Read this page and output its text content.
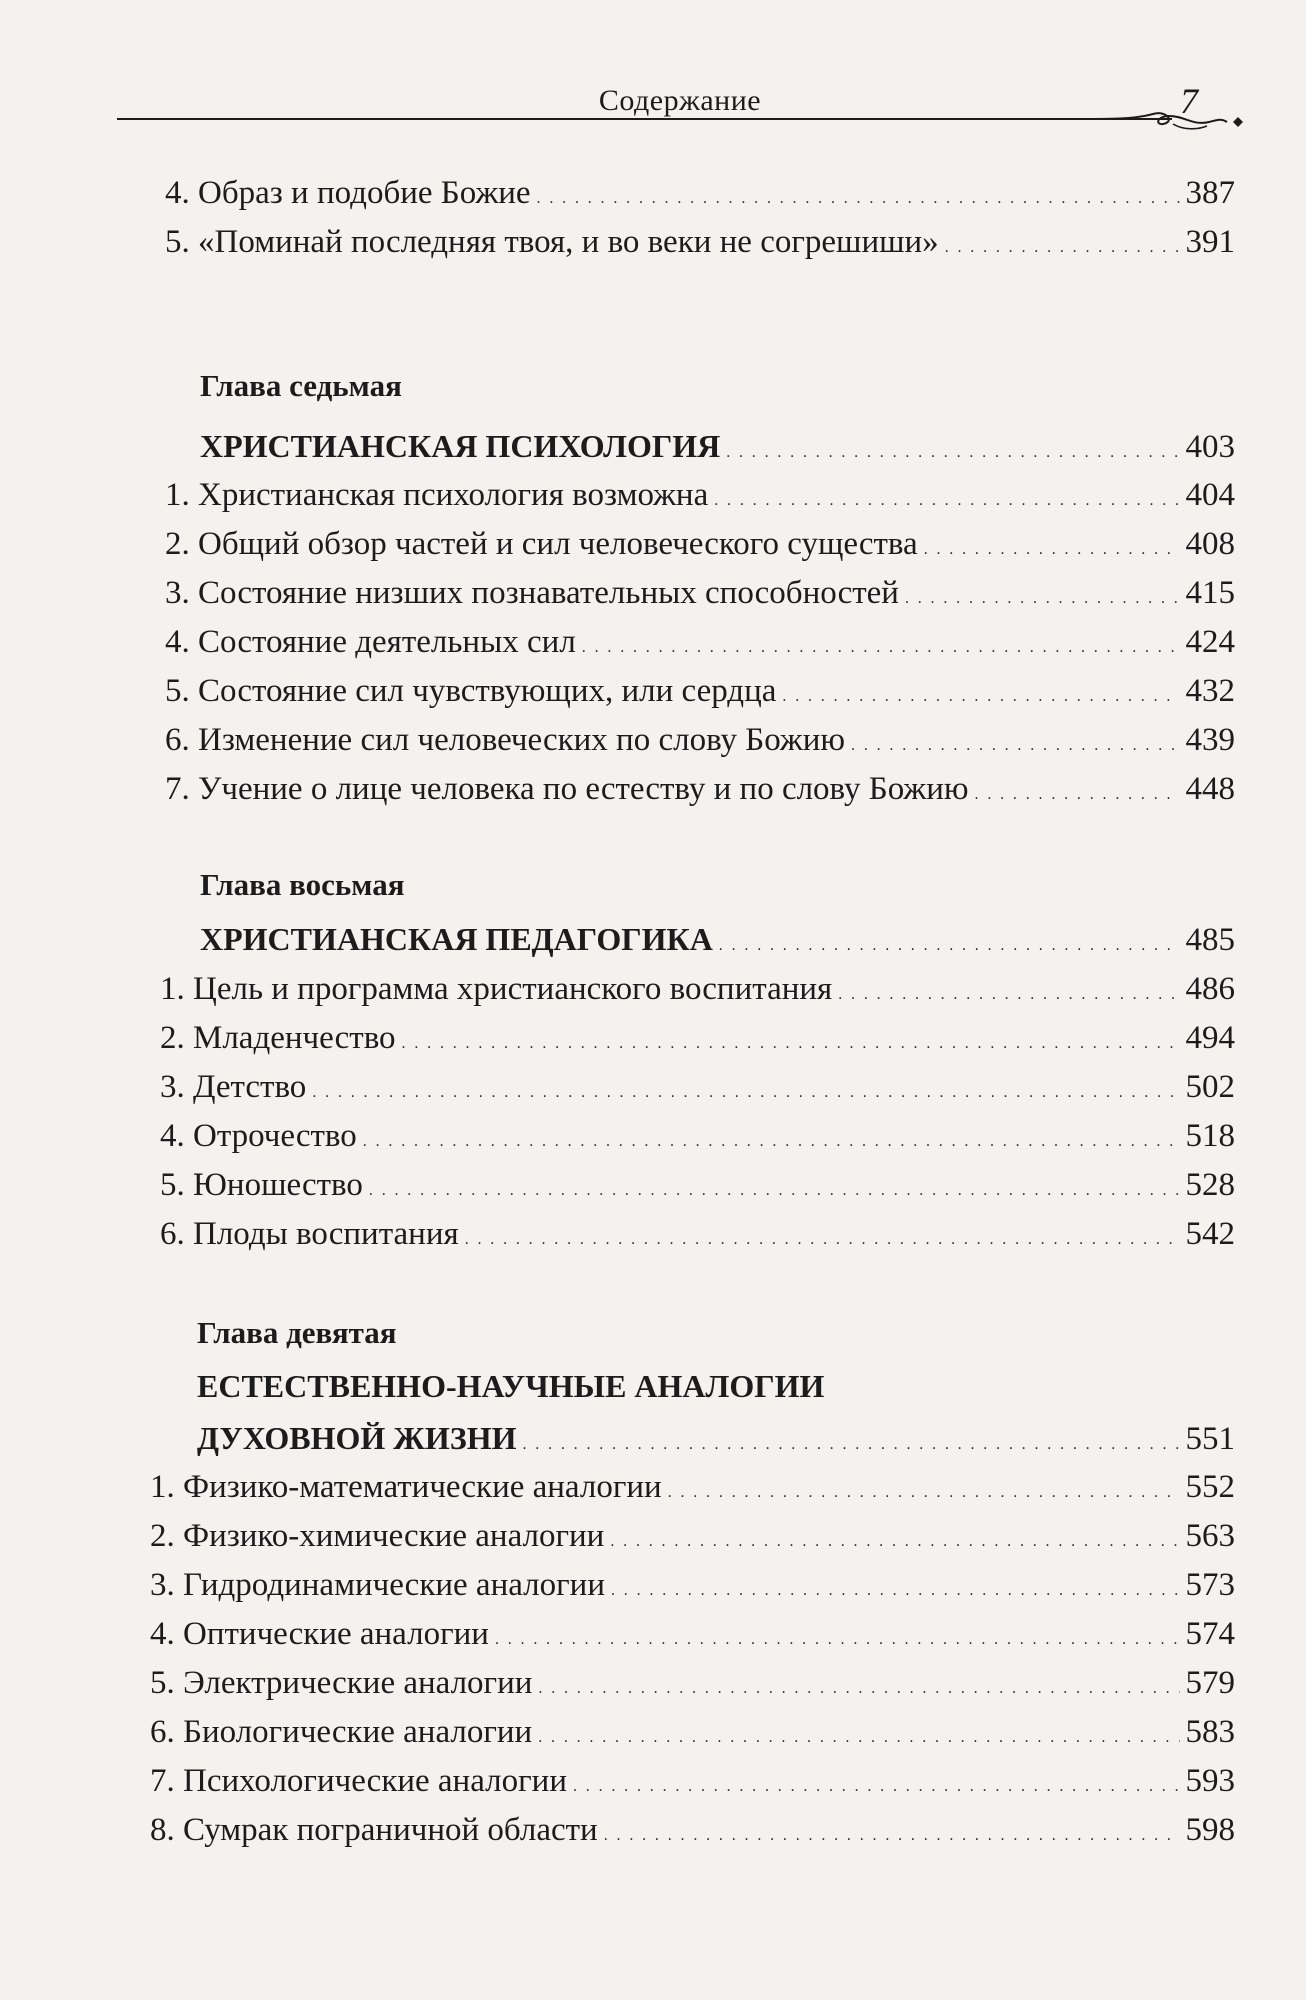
Содержание	7
4. Образ и подобие Божие . . .	387
5. «Поминай последняя твоя, и во веки не согрешиши» . . .	391
Глава седьмая
ХРИСТИАНСКАЯ ПСИХОЛОГИЯ . . .	403
1. Христианская психология возможна . . .	404
2. Общий обзор частей и сил человеческого существа . . .	408
3. Состояние низших познавательных способностей . . .	415
4. Состояние деятельных сил . . .	424
5. Состояние сил чувствующих, или сердца . . .	432
6. Изменение сил человеческих по слову Божию . . .	439
7. Учение о лице человека по естеству и по слову Божию . . .	448
Глава восьмая
ХРИСТИАНСКАЯ ПЕДАГОГИКА . . .	485
1. Цель и программа христианского воспитания . . .	486
2. Младенчество . . .	494
3. Детство . . .	502
4. Отрочество . . .	518
5. Юношество . . .	528
6. Плоды воспитания . . .	542
Глава девятая
ЕСТЕСТВЕННО-НАУЧНЫЕ АНАЛОГИИ
ДУХОВНОЙ ЖИЗНИ . . .	551
1. Физико-математические аналогии . . .	552
2. Физико-химические аналогии . . .	563
3. Гидродинамические аналогии . . .	573
4. Оптические аналогии . . .	574
5. Электрические аналогии . . .	579
6. Биологические аналогии . . .	583
7. Психологические аналогии . . .	593
8. Сумрак пограничной области . . .	598
